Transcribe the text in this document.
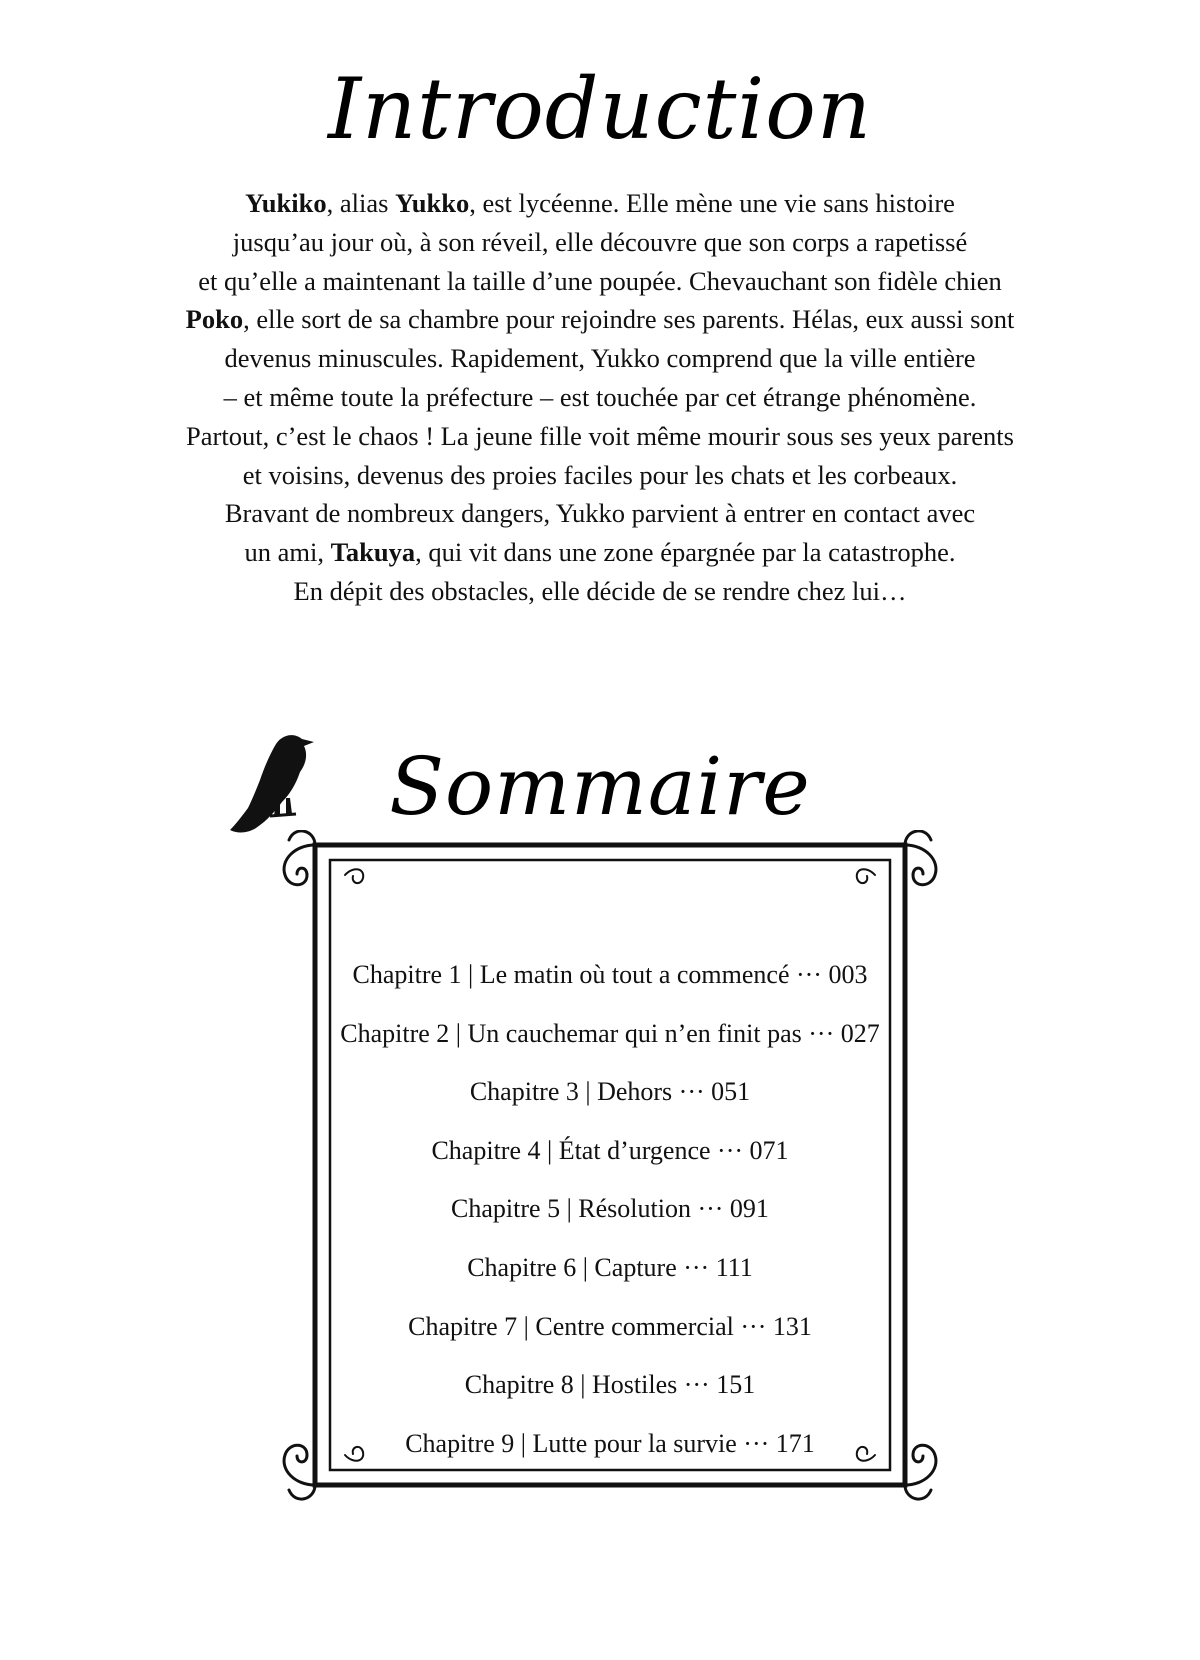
Introduction
Yukiko, alias Yukko, est lycéenne. Elle mène une vie sans histoire
jusqu’au jour où, à son réveil, elle découvre que son corps a rapetissé
et qu’elle a maintenant la taille d’une poupée. Chevauchant son fidèle chien
Poko, elle sort de sa chambre pour rejoindre ses parents. Hélas, eux aussi sont
devenus minuscules. Rapidement, Yukko comprend que la ville entière
– et même toute la préfecture – est touchée par cet étrange phénomène.
Partout, c’est le chaos ! La jeune fille voit même mourir sous ses yeux parents
et voisins, devenus des proies faciles pour les chats et les corbeaux.
Bravant de nombreux dangers, Yukko parvient à entrer en contact avec
un ami, Takuya, qui vit dans une zone épargnée par la catastrophe.
En dépit des obstacles, elle décide de se rendre chez lui…
Sommaire
Chapitre 1 | Le matin où tout a commencé ··· 003
Chapitre 2 | Un cauchemar qui n’en finit pas ··· 027
Chapitre 3 | Dehors ··· 051
Chapitre 4 | État d’urgence ··· 071
Chapitre 5 | Résolution ··· 091
Chapitre 6 | Capture ··· 111
Chapitre 7 | Centre commercial ··· 131
Chapitre 8 | Hostiles ··· 151
Chapitre 9 | Lutte pour la survie ··· 171
